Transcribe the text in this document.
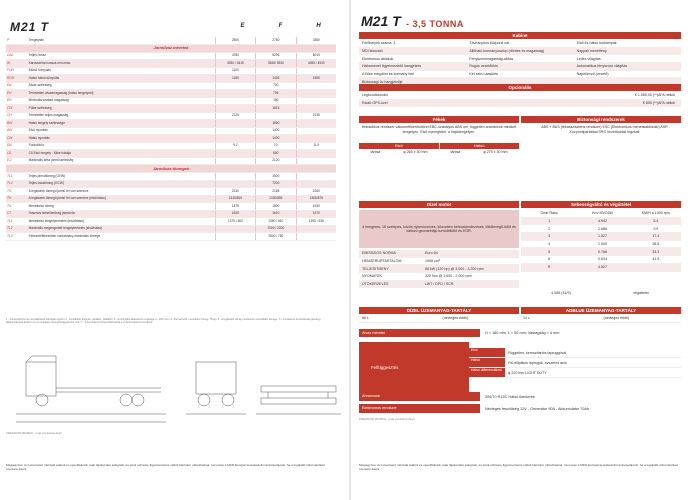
M21 T	E	F	H
P	Tengelytáv	2500	2760	3360
Járműváz méretek				
OAL	Teljes hossz	4780	5295	6015
W	Karosszéria hossza min./max.	3030 / 3415	3545/ 3930	4265 / 4530
FOH	Elülső túlnyúlás	1100		
ROH	Hátsó hátsó túlnyúlás	1180	1435	1555
Ew	Alváz szélesség		700	
EH	Terheletlen alvázmagasság (hátsó tengelynél)		705	
EH	Minimális szabad magasság		160	
CW	Fülke szélesség		1815	
CH	Terheletlen teljes magasság	2125		2135
BW	Hátsó tengely szélessége		1860	
AW	Első nyomtáv		1400	
CW	Hátsó nyomtáv		1400	
DN	Fordulókör	9,2	10	11,9
C6	C6 Első tengely - fülke hátulja		650	
E,1	Maximális késs járműszélesség		2120	
Járműváz tömegek				
TL1	Teljes járműtömeg (GVW)		3500	
TL4	Teljes össztömeg (GCW)		7000	
T5	A legkisebb tömegű jármű fel van szerelve	2130	2185	2260
T6	A legkisebb tömegű jármű fel van szerelve (első/hátsó)	1315/815	1330/855	1365/875
T4	Menetkész tömeg	1875	1890	1930
CT	Hasznos terhelhetőség járművön	1625	1610	1570
TL1	Menetkész tengelyterhelés (első/hátsó)	1375 / 500	1380 / 510	1395 / 535
TL2	Maximális megengedett tengelyterhelés (első/hátsó)		1900 / 2200	
TL3	Fékezett/fékezetlen vontatmány maximális tömege		3500 / 750	
1 - Vonóeszközzel és visszapillantó tükrökkel együtt / 2 - Fordulókör falvonal - járdától - járdáitól / 3 - A minimális alkatrészet megkapja +/- 10% mm / 4 - Bemérhetőt: menetkész tömeg: 75 kg / 5 - A legkisebb tömeg mindenkori vezetőfülke tömege / 6 - A fenkieren beszerelések jelenlegi alkalmazásával alvázon és a menetkész tömegnél figyelembe vett / 7 - A menetkész tömeg tartalmazza a vezető súlyát és teli tankot
DIMENSIONS DRAWING - a rajz szemléltető jellegű
Megjegyzés: Az ismertetett műszaki adatok és specifikációk csak tájékoztató jellegűek, és azok előzetes figyelmeztetés nélkül bármikor változhatnak. Ismeretei a MKD Európai kereskedelmi képviselőjénél, ha a legújabb információkat szeretné kapni.
M21 T - 3,5 TONNA
Kabine
Férőhelyek száma: 3	Távirányítós központi zár	Első és hátsó ködlámpák
MDI kinszaló	Állítható kormányoszlop (döntés és magasság)	Nappali menetfény
Elektromos ablakok	Fényszórómagasság-állítás	Ledes világítás
Hátramenet figyelmeztető hangjelzés	Rugós vezetőülés	Automatikus fényszóró világítás
A fülke megdönt és kormány felé	Két sztrú utasülés	Napellenző (vezető)
Biztonsági öv hangjelzője
Opcionális
Légkondicionáló	€ 1.080,00 (**)ÁFA nélkül
Rádió GPS-szel	€ 805 (**)ÁFA nélkül
Fékek	Biztonsági rendszerek
Hidraulikus rendszer vákuumfékerősítővel EBC-szabályos ABS-vel, független áramkörök mindkét tengelyen. Első nyeregtétel, a hajtótengelyen.
Első	Hátsú
tárcsa	φ 265 x 30 mm	tárcsa	φ 275 x 30 mm
ABS + BAS (fékasszisztens rendszer) ESC (Elektronikus menetstabilizáló) ASR Központiparábbal SRS Vezetőoldali légzsák
Dízel motor	Sebességváltó és végáttétel
4 hengeres, 16 szelepes, közös nyomócsöves, közvetlen befecskendezéses, töltőlevegő-hűtő és változó geometriájú turbófeltöltő és EGR.
EMISSZIÓS NORMA	Euro 6d
HENGERŰRTARTALOM	1998 cm³
TELJESITMÉNY	88 kW (120 hp) @ 3,000 - 3,200 rpm
NYOMATÉK	320 Nm @ 1,600 - 2,000 rpm
ÜTÖKÉRZELÉS	LWT / DPD / SCR
Gear Ratio	Km/ MVC6W	KM/H a 1000 rpm
1	4.942	5.4
2	2.686	9.9
3	1.527	17.4
4	1.000	26.5
5	0.786	33.3
6	0.634	41.9
R	4.527
4.556 (41/9)	végáttétel
DÍZEL ÜZEMANYAG-TARTÁLY	ADBLUE ÜZEMANYAG-TARTÁLY
68 L	(névleges érték)	10 L	(névleges érték)
Alváz méretei	H = 180 mm, L = 50 mm; Vastagság = 4 mm
Felfüggesztés
Első
Független, kereszttartós lapruggóval
Hátsó
Fél-elliptikus laprugók, óvszeres ació
Hátsó differenciálmű
φ 220 mm LIGHT DUTY
Abroncsok	205/70 R15C Hátsó ikerkerék
Elektromos rendszer	Névleges feszültség 12V - Generátor 90A - Akkumulátor 70Ah
DIMENSIONS DRAWING - a rajz szemléltető jellegű
Megjegyzés: Az ismertetett műszaki adatok és specifikációk csak tájékoztató jellegűek, és azok előzetes figyelmeztetés nélkül bármikor változhatnak. Ismeretei a MKD Európai kereskedelmi képviselőjénél, ha a legújabb információkat szeretné kapni.
